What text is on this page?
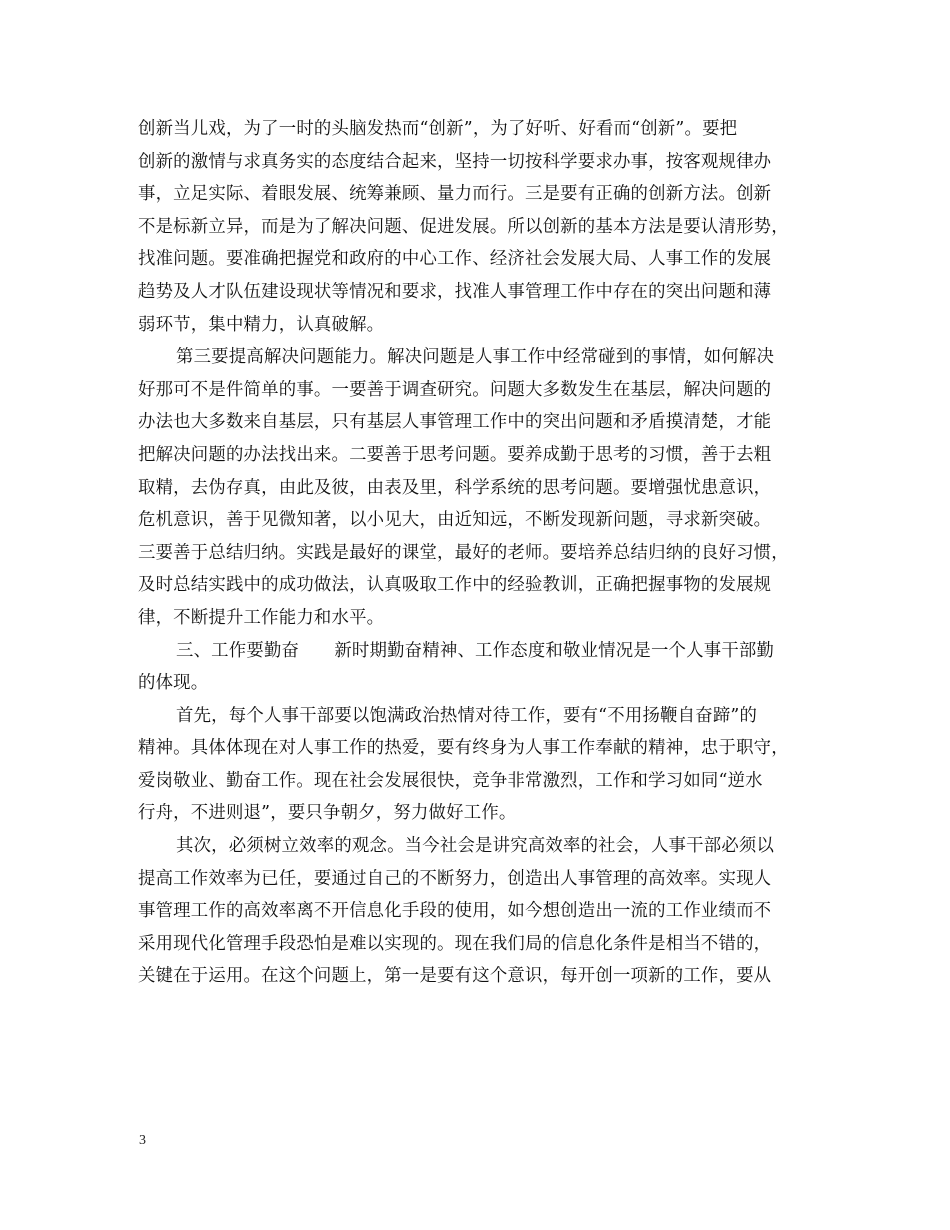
创新当儿戏，为了一时的头脑发热而“创新”，为了好听、好看而“创新”。要把
创新的激情与求真务实的态度结合起来，坚持一切按科学要求办事，按客观规律办
事，立足实际、着眼发展、统筹兼顾、量力而行。三是要有正确的创新方法。创新
不是标新立异，而是为了解决问题、促进发展。所以创新的基本方法是要认清形势，
找准问题。要准确把握党和政府的中心工作、经济社会发展大局、人事工作的发展
趋势及人才队伍建设现状等情况和要求，找准人事管理工作中存在的突出问题和薄
弱环节，集中精力，认真破解。
第三要提高解决问题能力。解决问题是人事工作中经常碰到的事情，如何解决
好那可不是件简单的事。一要善于调查研究。问题大多数发生在基层，解决问题的
办法也大多数来自基层，只有基层人事管理工作中的突出问题和矛盾摸清楚，才能
把解决问题的办法找出来。二要善于思考问题。要养成勤于思考的习惯，善于去粗
取精，去伪存真，由此及彼，由表及里，科学系统的思考问题。要增强忧患意识，
危机意识，善于见微知著，以小见大，由近知远，不断发现新问题，寻求新突破。
三要善于总结归纳。实践是最好的课堂，最好的老师。要培养总结归纳的良好习惯，
及时总结实践中的成功做法，认真吸取工作中的经验教训，正确把握事物的发展规
律，不断提升工作能力和水平。
三、工作要勤奋　　新时期勤奋精神、工作态度和敬业情况是一个人事干部勤
的体现。
首先，每个人事干部要以饱满政治热情对待工作，要有“不用扬鞭自奋蹄”的
精神。具体体现在对人事工作的热爱，要有终身为人事工作奉献的精神，忠于职守，
爱岗敬业、勤奋工作。现在社会发展很快，竞争非常激烈，工作和学习如同“逆水
行舟，不进则退”，要只争朝夕，努力做好工作。
其次，必须树立效率的观念。当今社会是讲究高效率的社会，人事干部必须以
提高工作效率为已任，要通过自己的不断努力，创造出人事管理的高效率。实现人
事管理工作的高效率离不开信息化手段的使用，如今想创造出一流的工作业绩而不
采用现代化管理手段恐怕是难以实现的。现在我们局的信息化条件是相当不错的，
关键在于运用。在这个问题上，第一是要有这个意识，每开创一项新的工作，要从
3
